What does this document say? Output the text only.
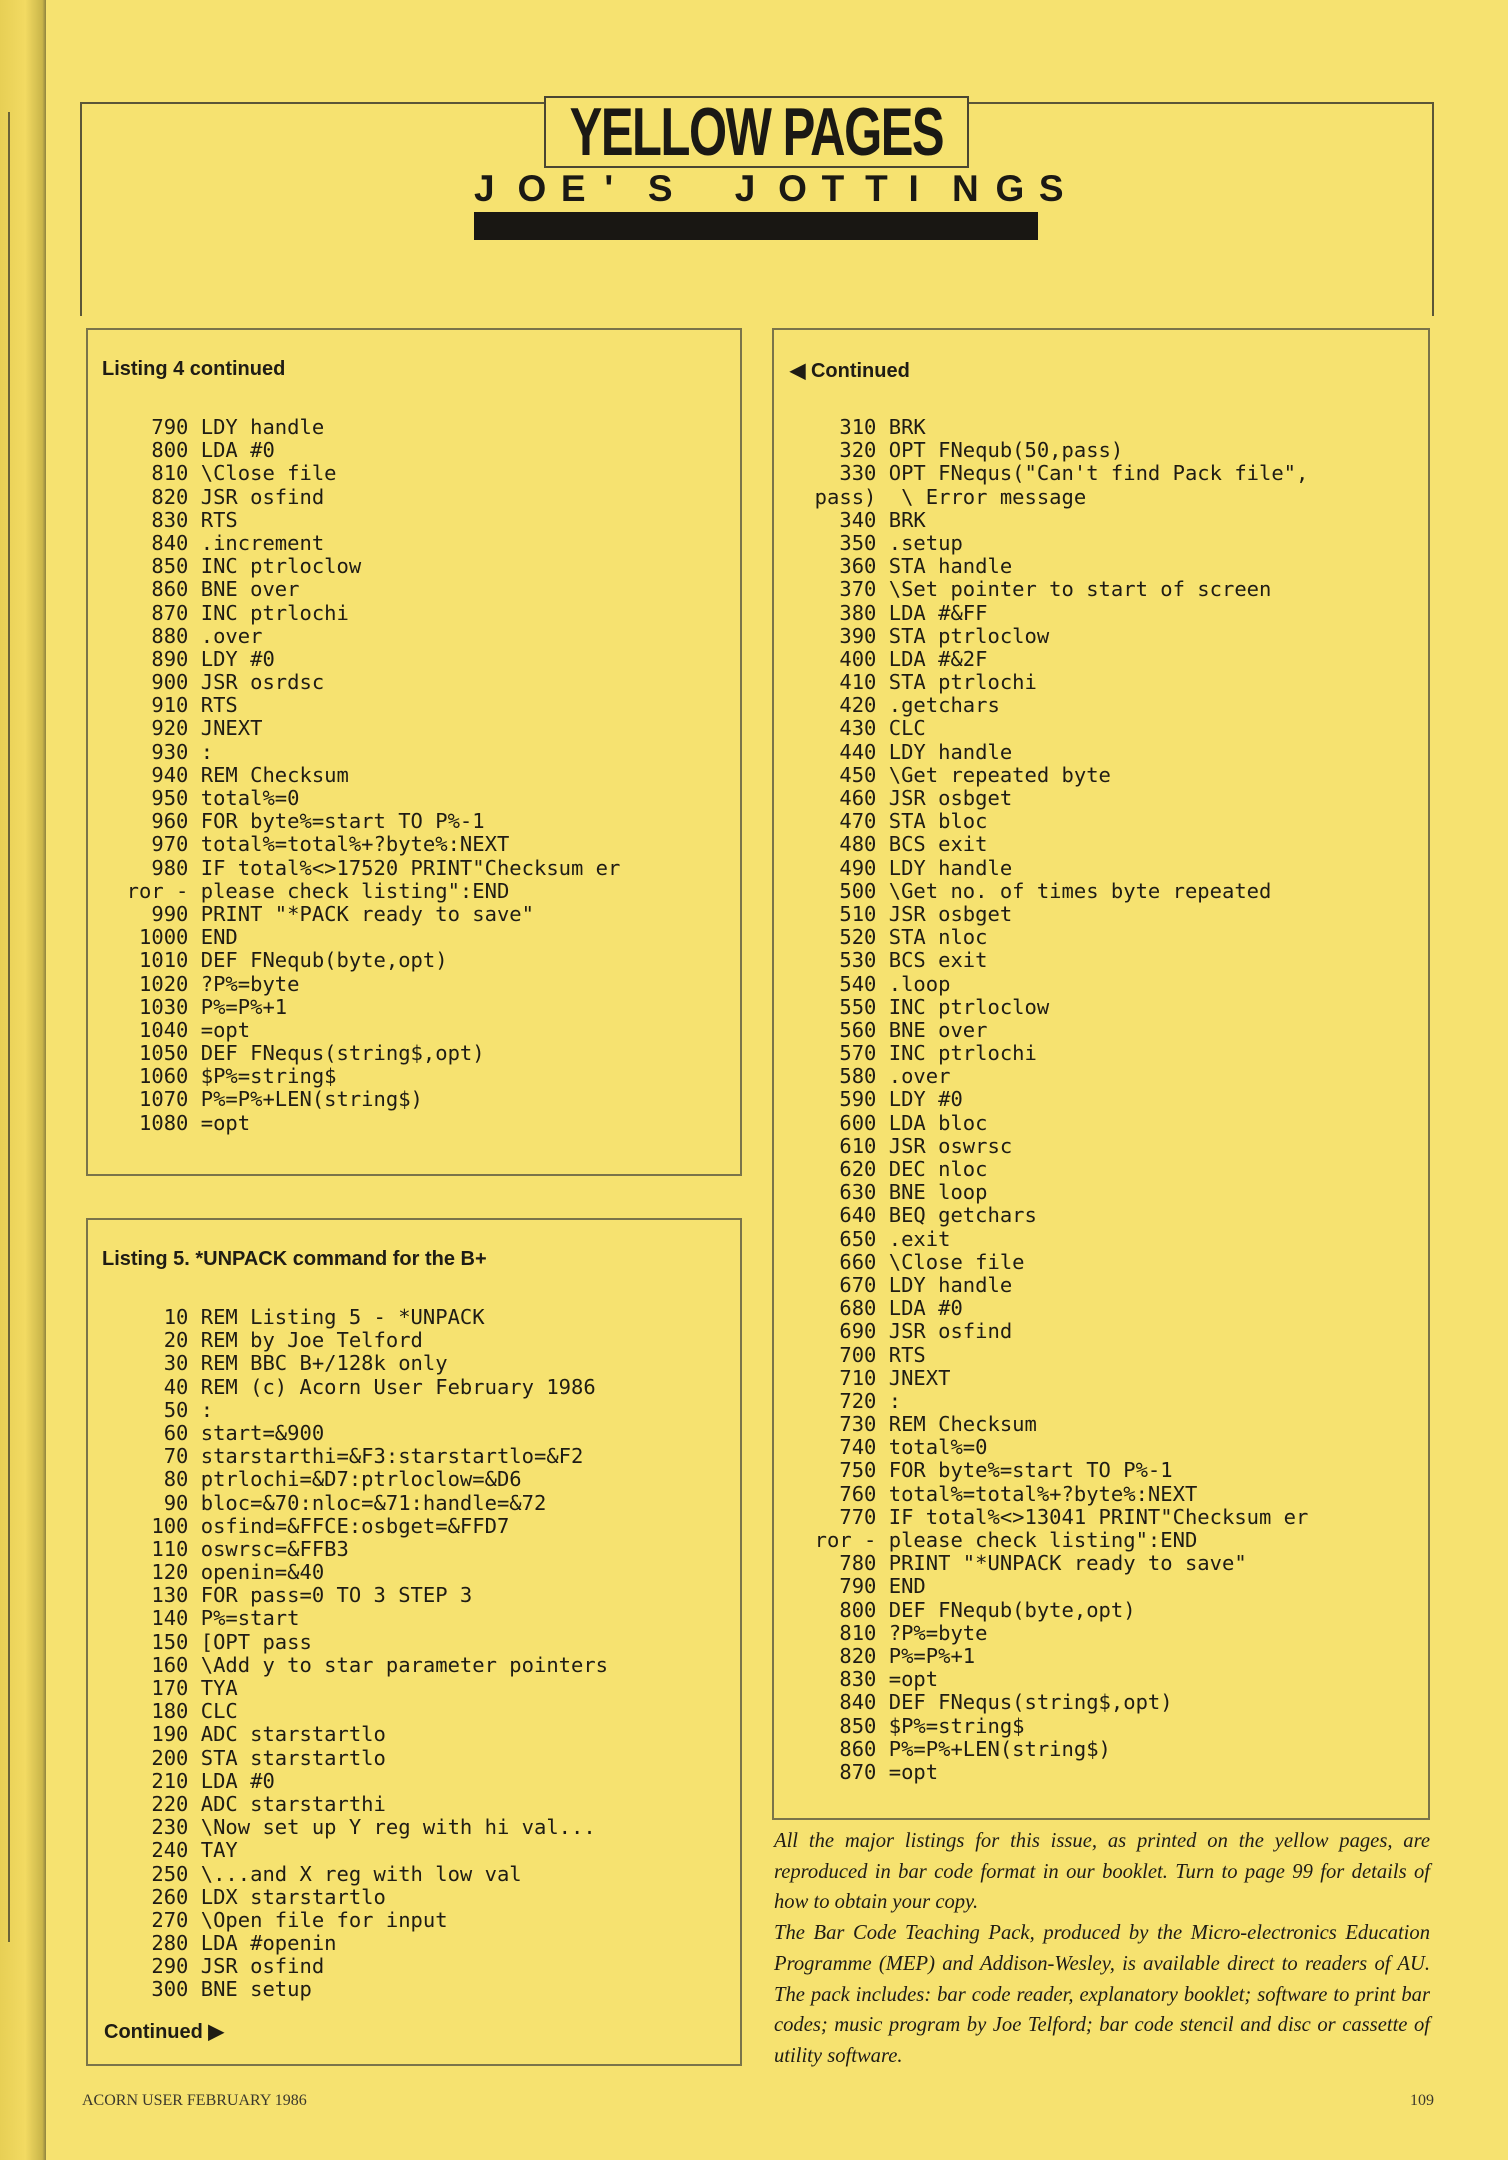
YELLOW PAGES
J O E ' S J O T T I N G S
Listing 4 continued
790 LDY handle
800 LDA #0
810 \Close file
820 JSR osfind
830 RTS
840 .increment
850 INC ptrloclow
860 BNE over
870 INC ptrlochi
880 .over
890 LDY #0
900 JSR osrdsc
910 RTS
920 JNEXT
930 :
940 REM Checksum
950 total%=0
960 FOR byte%=start TO P%-1
970 total%=total%+?byte%:NEXT
980 IF total%<>17520 PRINT"Checksum er
ror - please check listing":END
990 PRINT "*PACK ready to save"
1000 END
1010 DEF FNequb(byte,opt)
1020 ?P%=byte
1030 P%=P%+1
1040 =opt
1050 DEF FNequs(string$,opt)
1060 $P%=string$
1070 P%=P%+LEN(string$)
1080 =opt
Listing 5. *UNPACK command for the B+
10 REM Listing 5 - *UNPACK
20 REM by Joe Telford
30 REM BBC B+/128k only
40 REM (c) Acorn User February 1986
50 :
60 start=&900
70 starstarthi=&F3:starstartlo=&F2
80 ptrlochi=&D7:ptrloclow=&D6
90 bloc=&70:nloc=&71:handle=&72
100 osfind=&FFCE:osbget=&FFD7
110 oswrsc=&FFB3
120 openin=&40
130 FOR pass=0 TO 3 STEP 3
140 P%=start
150 [OPT pass
160 \Add y to star parameter pointers
170 TYA
180 CLC
190 ADC starstartlo
200 STA starstartlo
210 LDA #0
220 ADC starstarthi
230 \Now set up Y reg with hi val...
240 TAY
250 \...and X reg with low val
260 LDX starstartlo
270 \Open file for input
280 LDA #openin
290 JSR osfind
300 BNE setup
Continued ▶
◀ Continued
310 BRK
320 OPT FNequb(50,pass)
330 OPT FNequs("Can't find Pack file",
pass)  \ Error message
340 BRK
350 .setup
360 STA handle
370 \Set pointer to start of screen
380 LDA #&FF
390 STA ptrloclow
400 LDA #&2F
410 STA ptrlochi
420 .getchars
430 CLC
440 LDY handle
450 \Get repeated byte
460 JSR osbget
470 STA bloc
480 BCS exit
490 LDY handle
500 \Get no. of times byte repeated
510 JSR osbget
520 STA nloc
530 BCS exit
540 .loop
550 INC ptrloclow
560 BNE over
570 INC ptrlochi
580 .over
590 LDY #0
600 LDA bloc
610 JSR oswrsc
620 DEC nloc
630 BNE loop
640 BEQ getchars
650 .exit
660 \Close file
670 LDY handle
680 LDA #0
690 JSR osfind
700 RTS
710 JNEXT
720 :
730 REM Checksum
740 total%=0
750 FOR byte%=start TO P%-1
760 total%=total%+?byte%:NEXT
770 IF total%<>13041 PRINT"Checksum er
ror - please check listing":END
780 PRINT "*UNPACK ready to save"
790 END
800 DEF FNequb(byte,opt)
810 ?P%=byte
820 P%=P%+1
830 =opt
840 DEF FNequs(string$,opt)
850 $P%=string$
860 P%=P%+LEN(string$)
870 =opt

All the major listings for this issue, as printed on the yellow pages, are reproduced in bar code format in our booklet. Turn to page 99 for details of how to obtain your copy.

The Bar Code Teaching Pack, produced by the Micro-electronics Education Programme (MEP) and Addison-Wesley, is available direct to readers of AU. The pack includes: bar code reader, explanatory booklet; software to print bar codes; music program by Joe Telford; bar code stencil and disc or cassette of utility software.

ACORN USER FEBRUARY 1986	109
